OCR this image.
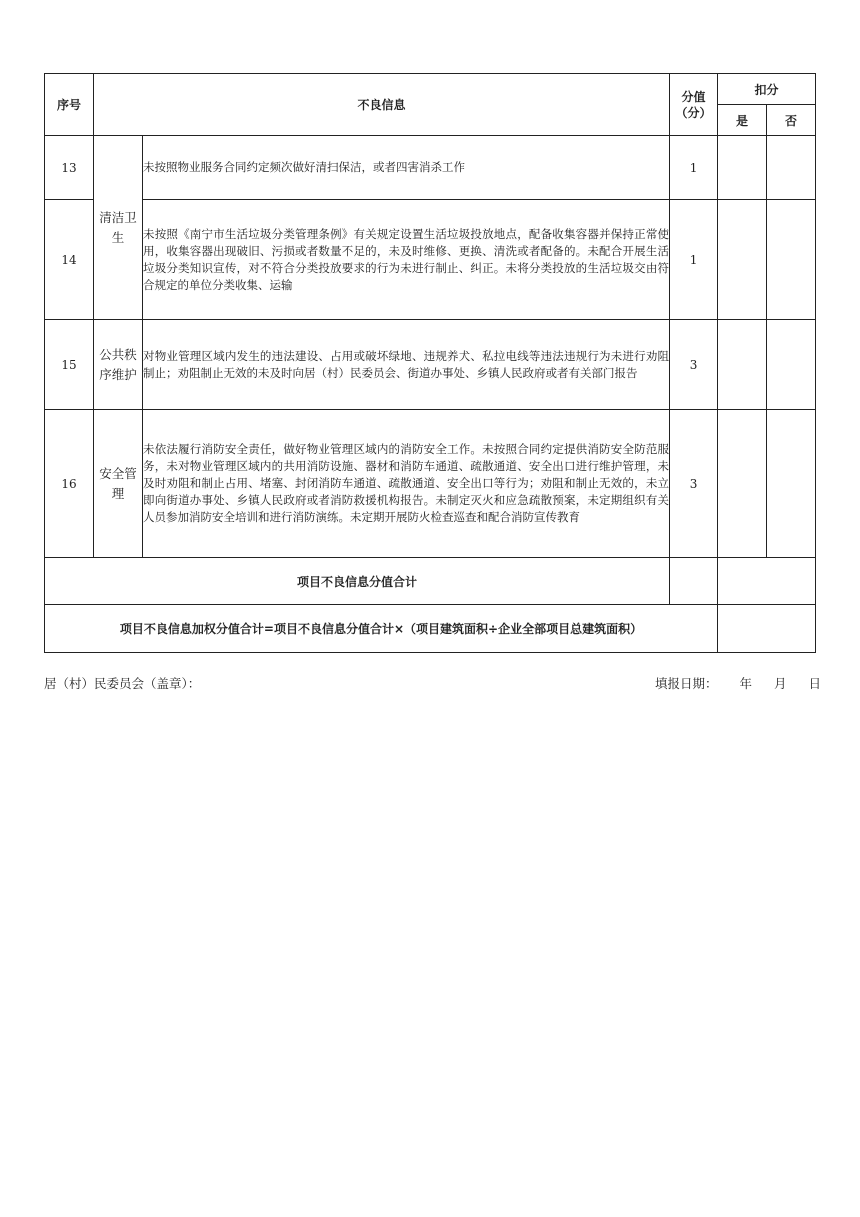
序号	不良信息		分值（分）	扣分	
				是	否
13	清洁卫生	未按照物业服务合同约定频次做好清扫保洁，或者四害消杀工作	1		
14		未按照《南宁市生活垃圾分类管理条例》有关规定设置生活垃圾投放地点，配备收集容器并保持正常使用，收集容器出现破旧、污损或者数量不足的，未及时维修、更换、清洗或者配备的。未配合开展生活垃圾分类知识宣传，对不符合分类投放要求的行为未进行制止、纠正。未将分类投放的生活垃圾交由符合规定的单位分类收集、运输	1		
15	公共秩序维护	对物业管理区域内发生的违法建设、占用或破坏绿地、违规养犬、私拉电线等违法违规行为未进行劝阻制止；劝阻制止无效的未及时向居（村）民委员会、街道办事处、乡镇人民政府或者有关部门报告	3		
16	安全管理	未依法履行消防安全责任，做好物业管理区域内的消防安全工作。未按照合同约定提供消防安全防范服务，未对物业管理区域内的共用消防设施、器材和消防车通道、疏散通道、安全出口进行维护管理，未及时劝阻和制止占用、堵塞、封闭消防车通道、疏散通道、安全出口等行为；劝阻和制止无效的，未立即向街道办事处、乡镇人民政府或者消防救援机构报告。未制定灭火和应急疏散预案，未定期组织有关人员参加消防安全培训和进行消防演练。未定期开展防火检查巡查和配合消防宣传教育	3		
项目不良信息分值合计					
项目不良信息加权分值合计=项目不良信息分值合计×（项目建筑面积÷企业全部项目总建筑面积）					
居（村）民委员会（盖章）：	填报日期： 年 月 日
